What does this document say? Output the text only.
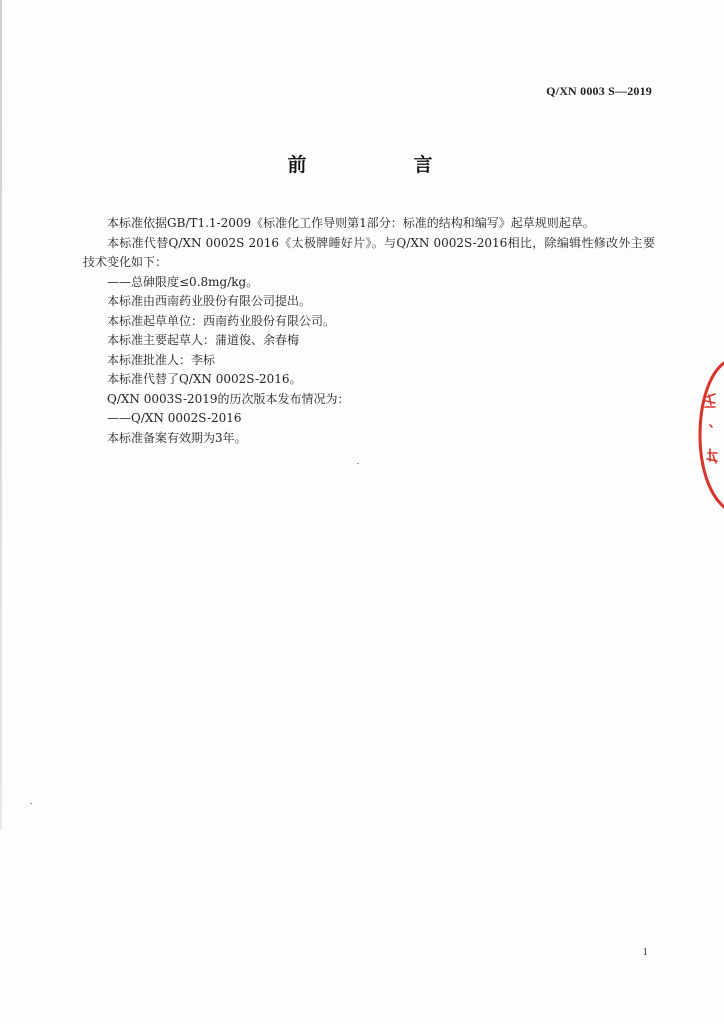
Q/XN 0003 S—2019
前　言

本标准依据GB/T1.1-2009《标准化工作导则第1部分：标准的结构和编写》起草规则起草。

本标准代替Q/XN 0002S 2016《太极牌睡好片》。与Q/XN 0002S-2016相比，除编辑性修改外主要技术变化如下：

——总砷限度≤0.8mg/kg。

本标准由西南药业股份有限公司提出。

本标准起草单位：西南药业股份有限公司。

本标准主要起草人：蒲道俊、余春梅

本标准批准人：李标

本标准代替了Q/XN 0002S-2016。

Q/XN 0003S-2019的历次版本发布情况为：

——Q/XN 0002S-2016

本标准备案有效期为3年。

1
